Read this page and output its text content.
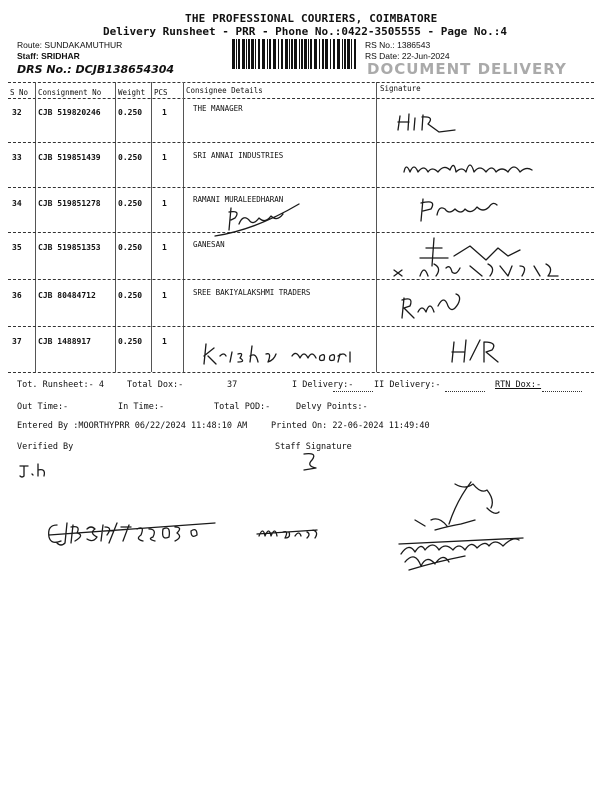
THE PROFESSIONAL COURIERS, COIMBATORE
Delivery Runsheet - PRR - Phone No.:0422-3505555 - Page No.:4
Route: SUNDAKAMUTHUR
Staff: SRIDHAR
DRS No.: DCJB138654304
RS No.: 1386543
RS Date: 22-Jun-2024
DOCUMENT DELIVERY
S No Consignment No Weight PCS Consignee Details	Signature
32 CJB 519820246 0.250 1	THE MANAGER
33 CJB 519851439 0.250 1	SRI ANNAI INDUSTRIES
34 CJB 519851278 0.250 1	RAMANI MURALEEDHARAN
35 CJB 519851353 0.250 1	GANESAN
36 CJB 80484712	0.250 1	SREE BAKIYALAKSHMI TRADERS
37 CJB 1488917	0.250 1
Tot. Runsheet:- 4	Total Dox:-	37	I Delivery:- II Delivery:-	RTN Dox:-
Out Time:-	In Time:-	Total POD:-	Delvy Points:-
Entered By :MOORTHYPRR 06/22/2024 11:48:10 AM	Printed On: 22-06-2024 11:49:40
Verified By	Staff Signature
